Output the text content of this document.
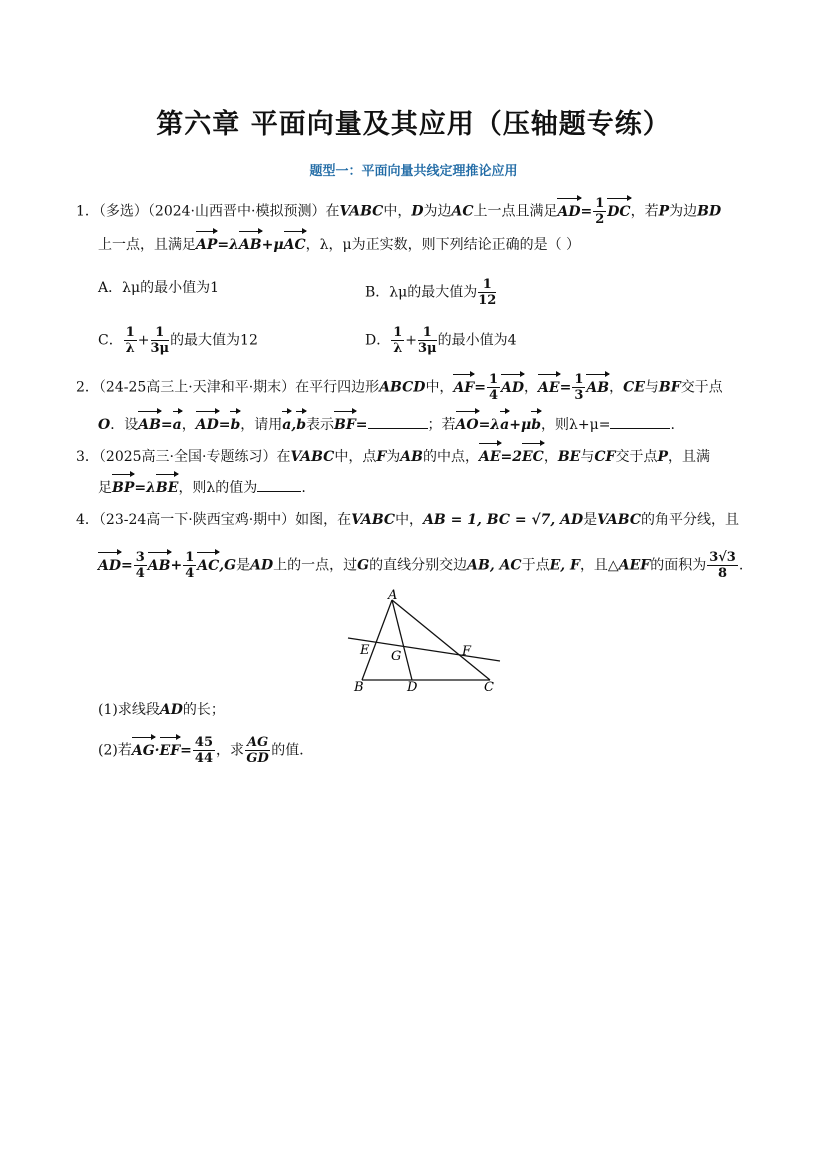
第六章 平面向量及其应用（压轴题专练）
题型一：平面向量共线定理推论应用
1．（多选）（2024·山西晋中·模拟预测）在VABC中，D为边AC上一点且满足$AD= \frac{1}{2}$ DC，若P为边BD
上一点，且满足AP=λAB+μAC，λ，μ为正实数，则下列结论正确的是（ ）
A．λμ的最小值为1	B．λμ的最大值为 $\frac{1}{12}$
C． $\frac{1}{\lambda} + \frac{1}{3\mu}$ 的最大值为12	D． $\frac{1}{\lambda} + \frac{1}{3\mu}$ 的最小值为4
2．（24-25高三上·天津和平·期末）在平行四边形ABCD中，$AF= \frac{1}{4}$ AD，$AE= \frac{1}{3}$ AB，CE与BF交于点
O．设AB=a，AD=b，请用a,b表示BF=	；若AO=λa+μb，则λ+μ=	.
3．（2025高三·全国·专题练习）在VABC中，点F为AB的中点，AE=2EC，BE与CF交于点P，且满
足BP=λBE，则λ的值为	.
4．（23-24高一下·陕西宝鸡·期中）如图，在VABC中，AB = 1, BC = √7, AD是VABC的角平分线，且
$AD= \frac{3}{4} AB+ \frac{1}{4} AC,G$是AD上的一点，过G的直线分别交边AB, AC于点E, F，且△AEF的面积为 $\frac{3√3}{8}$ .
A
B	C
D
E	F
G
(1)求线段AD的长；
(2)若$AG\cdot EF= \frac{45}{44}$ ，求 $\frac{AG}{GD}$ 的值．
